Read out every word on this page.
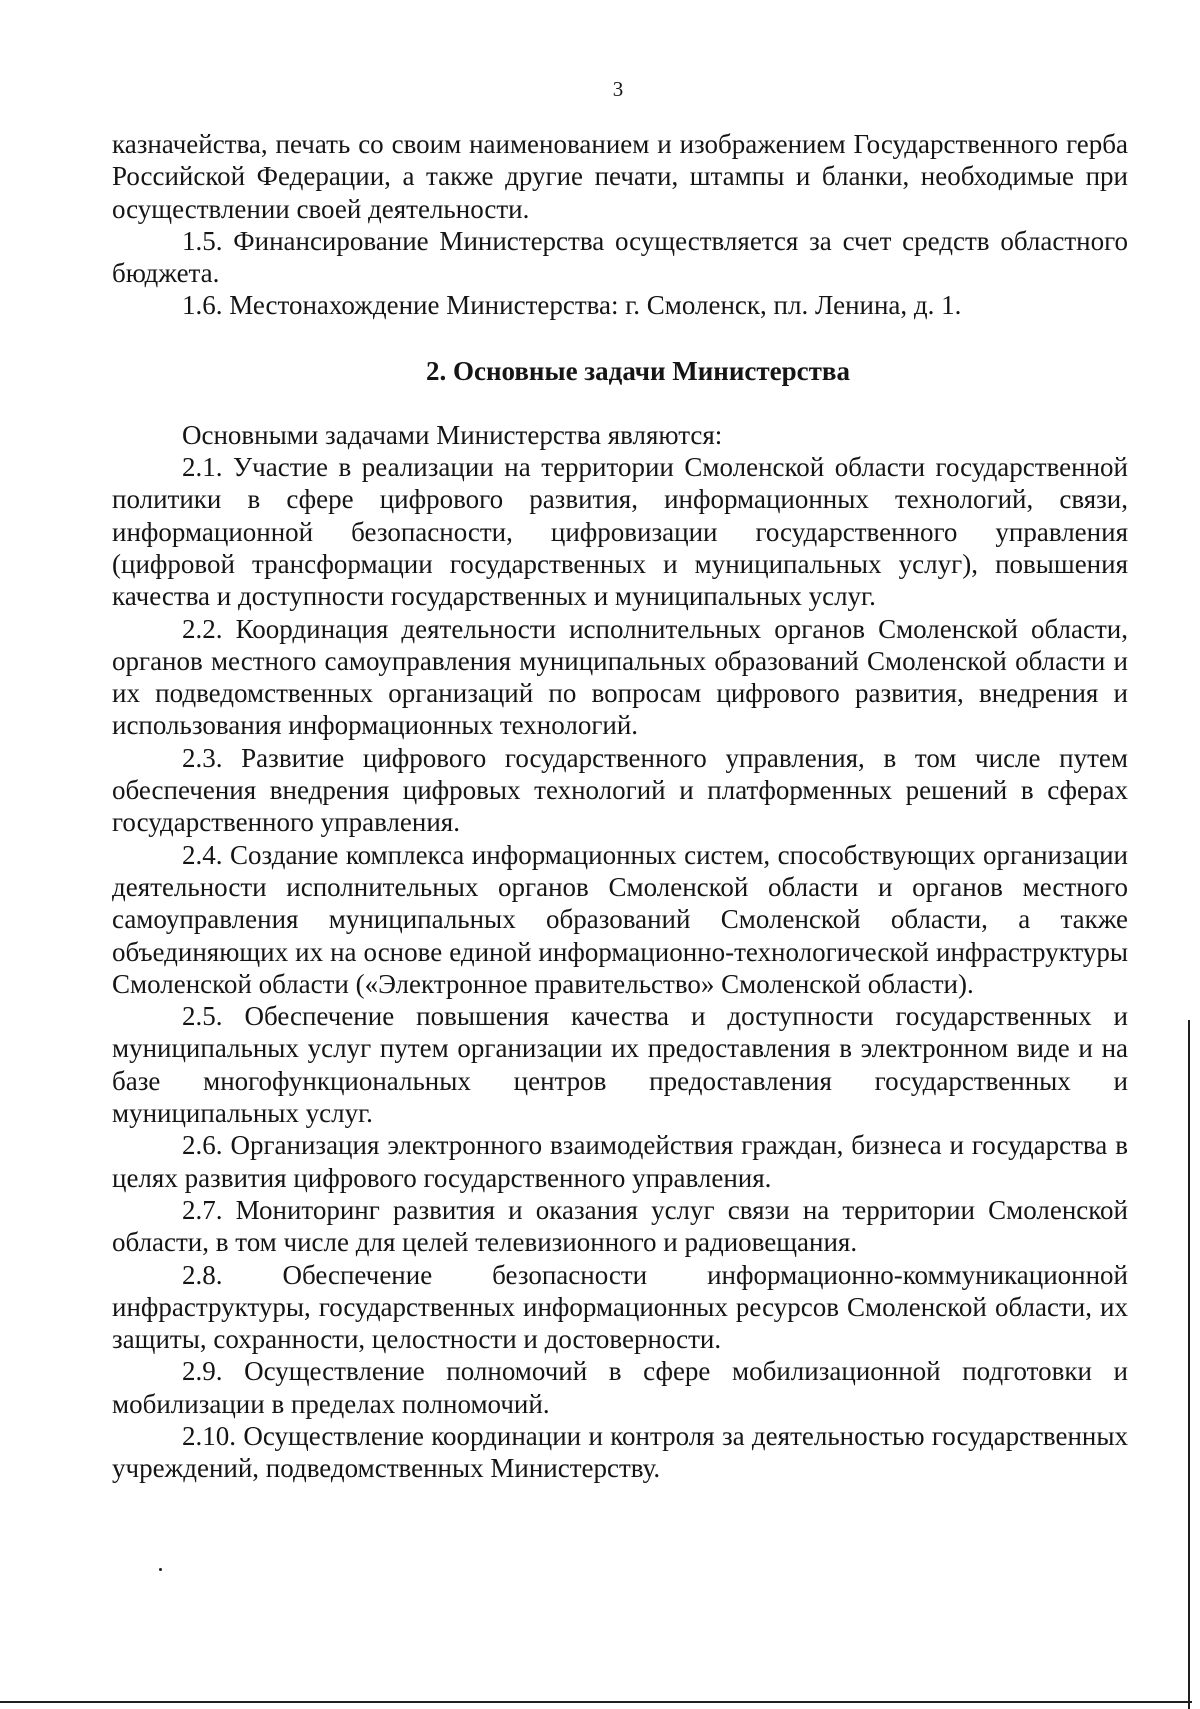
3

казначейства, печать со своим наименованием и изображением Государственного герба Российской Федерации, а также другие печати, штампы и бланки, необходимые при осуществлении своей деятельности.

1.5. Финансирование Министерства осуществляется за счет средств областного бюджета.

1.6. Местонахождение Министерства: г. Смоленск, пл. Ленина, д. 1.

2. Основные задачи Министерства

Основными задачами Министерства являются:

2.1. Участие в реализации на территории Смоленской области государственной политики в сфере цифрового развития, информационных технологий, связи, информационной безопасности, цифровизации государственного управления (цифровой трансформации государственных и муниципальных услуг), повышения качества и доступности государственных и муниципальных услуг.

2.2. Координация деятельности исполнительных органов Смоленской области, органов местного самоуправления муниципальных образований Смоленской области и их подведомственных организаций по вопросам цифрового развития, внедрения и использования информационных технологий.

2.3. Развитие цифрового государственного управления, в том числе путем обеспечения внедрения цифровых технологий и платформенных решений в сферах государственного управления.

2.4. Создание комплекса информационных систем, способствующих организации деятельности исполнительных органов Смоленской области и органов местного самоуправления муниципальных образований Смоленской области, а также объединяющих их на основе единой информационно-технологической инфраструктуры Смоленской области («Электронное правительство» Смоленской области).

2.5. Обеспечение повышения качества и доступности государственных и муниципальных услуг путем организации их предоставления в электронном виде и на базе многофункциональных центров предоставления государственных и муниципальных услуг.

2.6. Организация электронного взаимодействия граждан, бизнеса и государства в целях развития цифрового государственного управления.

2.7. Мониторинг развития и оказания услуг связи на территории Смоленской области, в том числе для целей телевизионного и радиовещания.

2.8. Обеспечение безопасности информационно-коммуникационной инфраструктуры, государственных информационных ресурсов Смоленской области, их защиты, сохранности, целостности и достоверности.

2.9. Осуществление полномочий в сфере мобилизационной подготовки и мобилизации в пределах полномочий.

2.10. Осуществление координации и контроля за деятельностью государственных учреждений, подведомственных Министерству.
